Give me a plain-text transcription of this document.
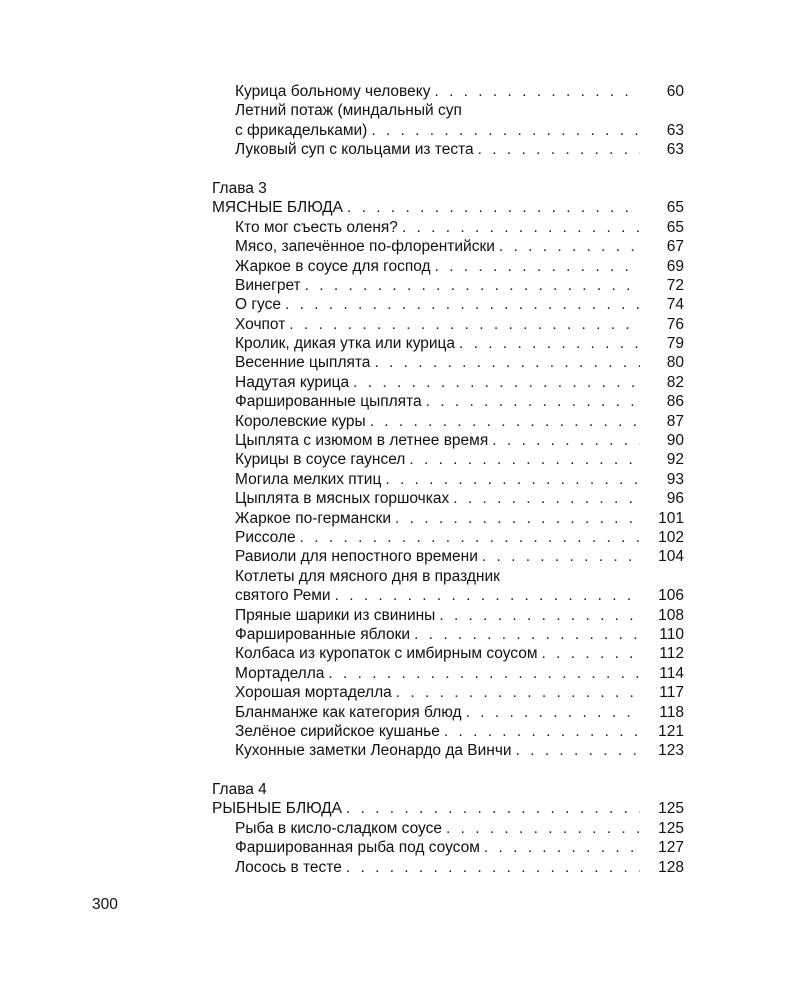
Курица больному человеку . . .	60
Летний потаж (миндальный суп
с фрикадельками) . . .	63
Луковый суп с кольцами из теста . . .	63
Глава 3
МЯСНЫЕ БЛЮДА . . .	65
Кто мог съесть оленя? . . .	65
Мясо, запечённое по-флорентийски . . .	67
Жаркое в соусе для господ . . .	69
Винегрет . . .	72
О гусе . . .	74
Хочпот . . .	76
Кролик, дикая утка или курица . . .	79
Весенние цыплята . . .	80
Надутая курица . . .	82
Фаршированные цыплята . . .	86
Королевские куры . . .	87
Цыплята с изюмом в летнее время . . .	90
Курицы в соусе гаунсел . . .	92
Могила мелких птиц . . .	93
Цыплята в мясных горшочках . . .	96
Жаркое по-германски . . .	101
Риссоле . . .	102
Равиоли для непостного времени . . .	104
Котлеты для мясного дня в праздник
святого Реми . . .	106
Пряные шарики из свинины . . .	108
Фаршированные яблоки . . .	110
Колбаса из куропаток с имбирным соусом . . .	112
Мортаделла . . .	114
Хорошая мортаделла . . .	117
Бланманже как категория блюд . . .	118
Зелёное сирийское кушанье . . .	121
Кухонные заметки Леонардо да Винчи . . .	123
Глава 4
РЫБНЫЕ БЛЮДА . . .	125
Рыба в кисло-сладком соусе . . .	125
Фаршированная рыба под соусом . . .	127
Лосось в тесте . . .	128
300
